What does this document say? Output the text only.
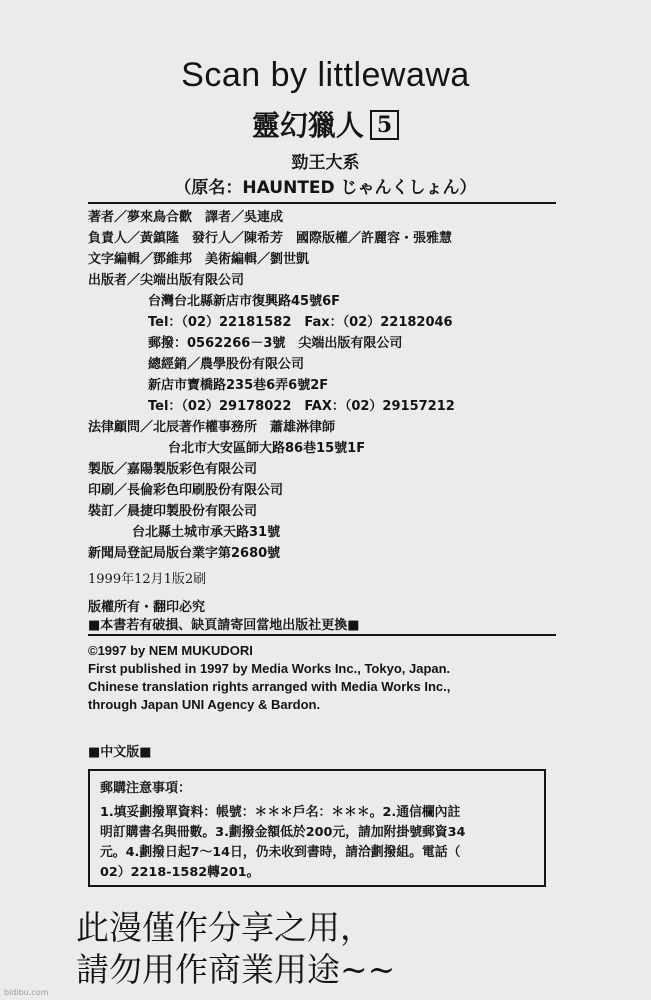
Scan by littlewawa
靈幻獵人 5
勁王大系
（原名：HAUNTED じゃんくしょん）
著者／夢來鳥合歡　譯者／吳連成
負責人／黃鎮隆　發行人／陳希芳　國際版權／許麗容・張雅慧
文字編輯／鄧維邦　美術編輯／劉世凱
出版者／尖端出版有限公司
台灣台北縣新店市復興路45號6F
Tel：（02）22181582　Fax：（02）22182046
郵撥：0562266－3號　尖端出版有限公司
總經銷／農學股份有限公司
新店市寶橋路235巷6弄6號2F
Tel：（02）29178022　FAX：（02）29157212
法律顧問／北辰著作權事務所　蕭雄淋律師
台北市大安區師大路86巷15號1F
製版／嘉陽製版彩色有限公司
印刷／長倫彩色印刷股份有限公司
裝訂／晨捷印製股份有限公司
台北縣土城市承天路31號
新聞局登記局版台業字第2680號
1999年12月1版2刷
版權所有・翻印必究
■本書若有破損、缺頁請寄回當地出版社更換■
©1997 by NEM MUKUDORI
First published in 1997 by Media Works Inc., Tokyo, Japan.
Chinese translation rights arranged with Media Works Inc.,
through Japan UNI Agency & Bardon.
■中文版■
郵購注意事項：
1.填妥劃撥單資料：帳號：＊＊＊戶名：＊＊＊。2.通信欄內註
明訂購書名與冊數。3.劃撥金額低於200元，請加附掛號郵資34
元。4.劃撥日起7～14日，仍未收到書時，請洽劃撥組。電話（
02）2218-1582轉201。
此漫僅作分享之用，
請勿用作商業用途~~
bidibu.com
